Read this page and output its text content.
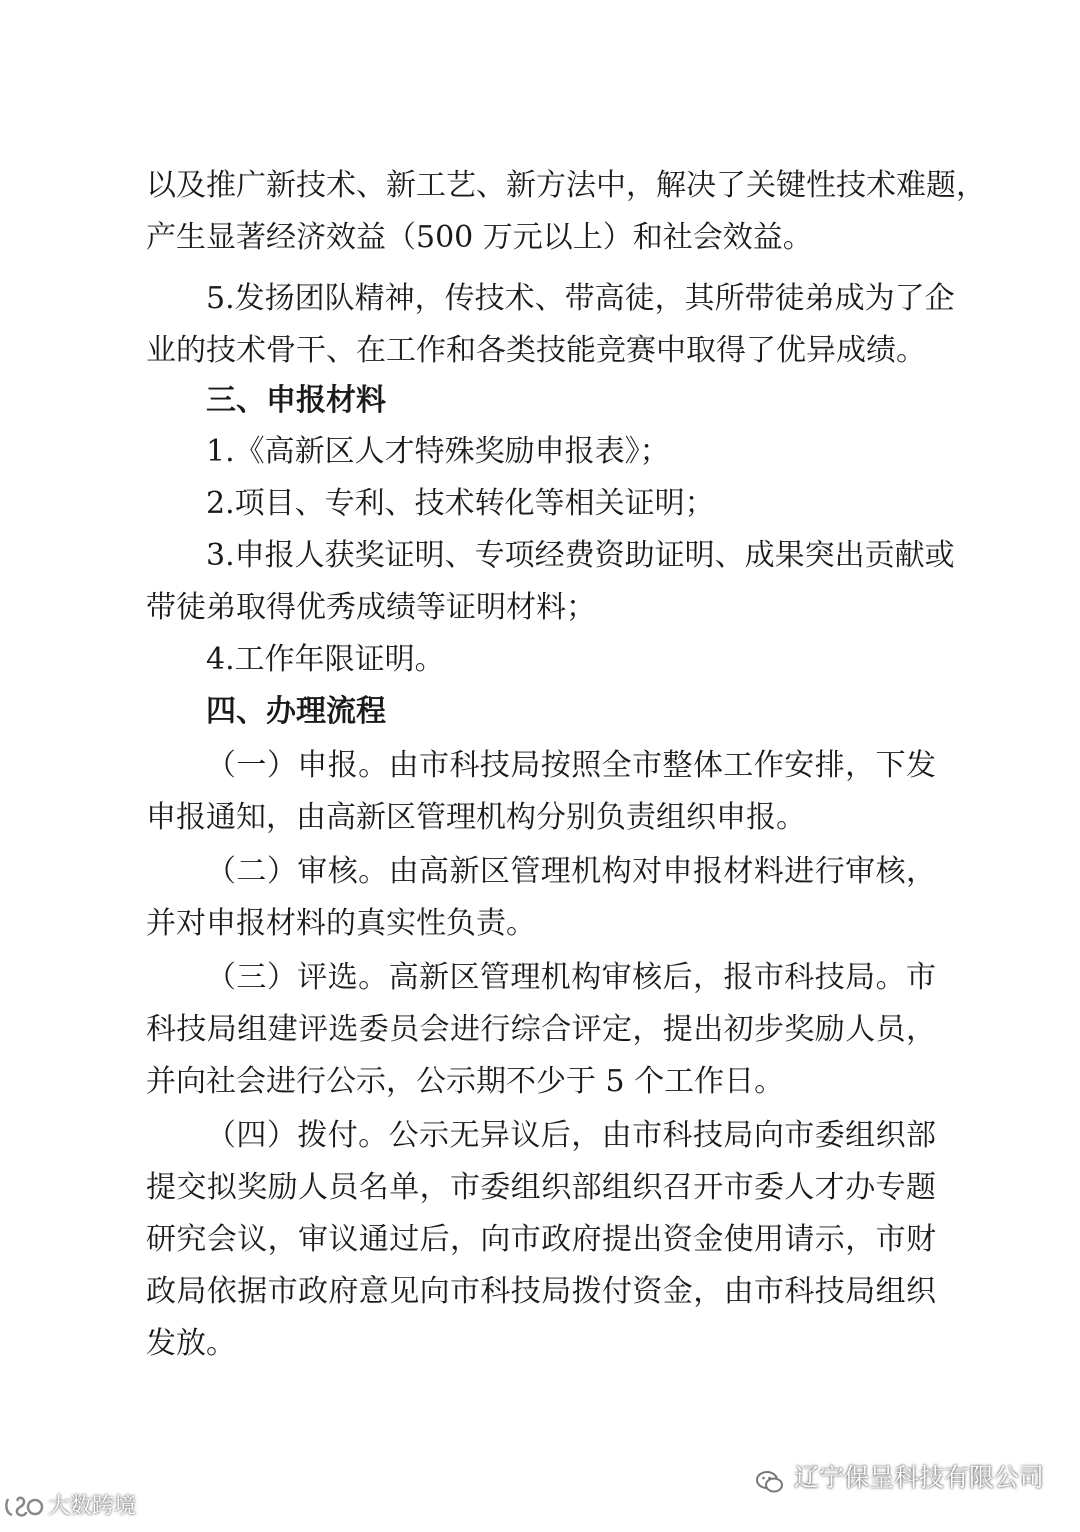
以及推广新技术、新工艺、新方法中，解决了关键性技术难题，
产生显著经济效益（500 万元以上）和社会效益。
5.发扬团队精神，传技术、带高徒，其所带徒弟成为了企
业的技术骨干、在工作和各类技能竞赛中取得了优异成绩。
三、申报材料
1.《高新区人才特殊奖励申报表》；
2.项目、专利、技术转化等相关证明；
3.申报人获奖证明、专项经费资助证明、成果突出贡献或
带徒弟取得优秀成绩等证明材料；
4.工作年限证明。
四、办理流程
（一）申报。由市科技局按照全市整体工作安排，下发
申报通知，由高新区管理机构分别负责组织申报。
（二）审核。由高新区管理机构对申报材料进行审核，
并对申报材料的真实性负责。
（三）评选。高新区管理机构审核后，报市科技局。市
科技局组建评选委员会进行综合评定，提出初步奖励人员，
并向社会进行公示，公示期不少于 5 个工作日。
（四）拨付。公示无异议后，由市科技局向市委组织部
提交拟奖励人员名单，市委组织部组织召开市委人才办专题
研究会议，审议通过后，向市政府提出资金使用请示，市财
政局依据市政府意见向市科技局拨付资金，由市科技局组织
发放。
辽宁保呈科技有限公司
大数跨境
